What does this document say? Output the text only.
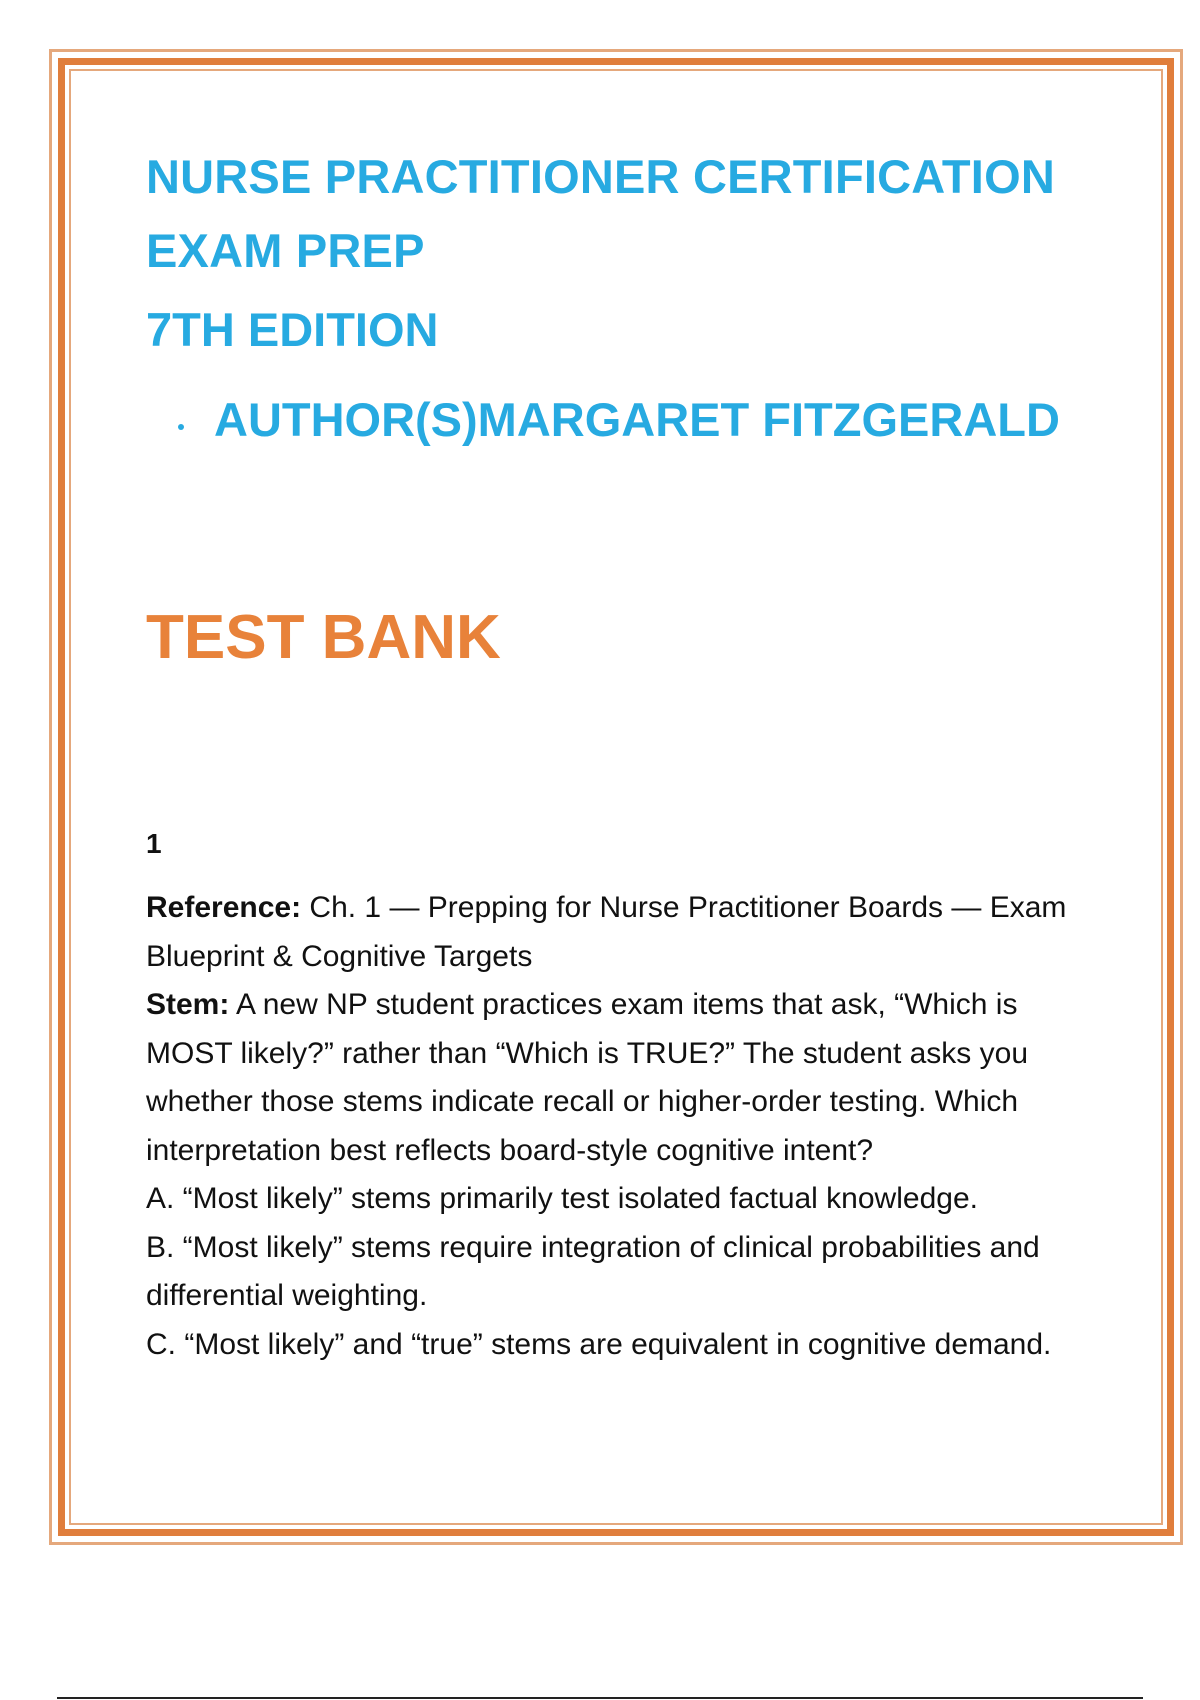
NURSE PRACTITIONER CERTIFICATION
EXAM PREP
7TH EDITION
AUTHOR(S)MARGARET FITZGERALD
TEST BANK
1

Reference: Ch. 1 — Prepping for Nurse Practitioner Boards — Exam Blueprint & Cognitive Targets

Stem: A new NP student practices exam items that ask, “Which is MOST likely?” rather than “Which is TRUE?” The student asks you whether those stems indicate recall or higher-order testing. Which interpretation best reflects board-style cognitive intent?

A. “Most likely” stems primarily test isolated factual knowledge.

B. “Most likely” stems require integration of clinical probabilities and differential weighting.

C. “Most likely” and “true” stems are equivalent in cognitive demand.
